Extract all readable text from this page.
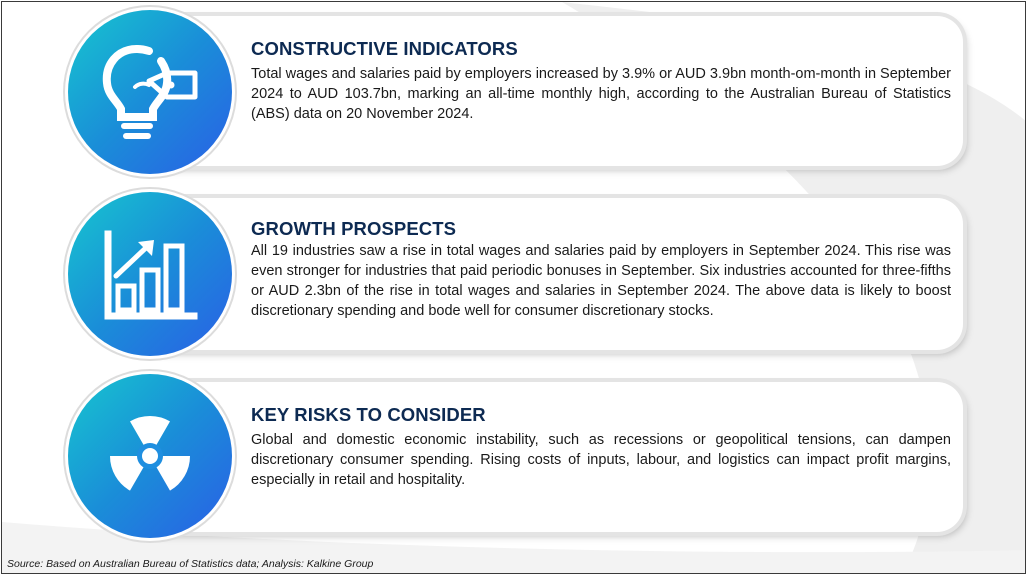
CONSTRUCTIVE INDICATORS

Total wages and salaries paid by employers increased by 3.9% or AUD 3.9bn month-om-month in September 2024 to AUD 103.7bn, marking an all-time monthly high, according to the Australian Bureau of Statistics (ABS) data on 20 November 2024.

GROWTH PROSPECTS

All 19 industries saw a rise in total wages and salaries paid by employers in September 2024. This rise was even stronger for industries that paid periodic bonuses in September. Six industries accounted for three-fifths or AUD 2.3bn of the rise in total wages and salaries in September 2024. The above data is likely to boost discretionary spending and bode well for consumer discretionary stocks.

KEY RISKS TO CONSIDER

Global and domestic economic instability, such as recessions or geopolitical tensions, can dampen discretionary consumer spending. Rising costs of inputs, labour, and logistics can impact profit margins, especially in retail and hospitality.

Source: Based on Australian Bureau of Statistics data; Analysis: Kalkine Group
